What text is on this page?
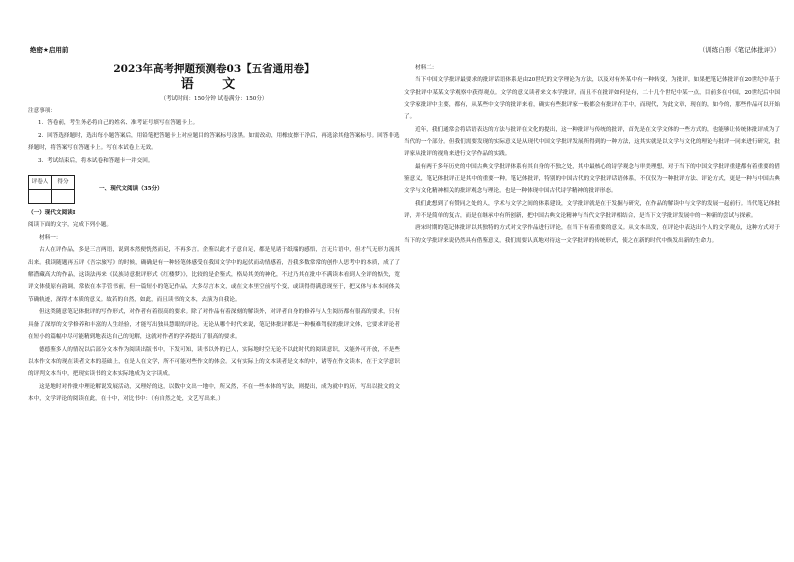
绝密★启用前	（训练自形《笔记体批评》）

2023年高考押题预测卷03【五省通用卷】

语 文

（考试时间：150分钟 试卷满分：150分）

注意事项：

1．答卷前，考生务必将自己的姓名、准考证号填写在答题卡上。

2．回答选择题时，选出每小题答案后，用铅笔把答题卡上对应题目的答案标号涂黑。如需改动，用橡皮擦干净后，再选涂其他答案标号。回答非选择题时，将答案写在答题卡上。写在本试卷上无效。

3．考试结束后，将本试卷和答题卡一并交回。

评卷人	得分

一、现代文阅读（35分）

（一）现代文阅读Ⅰ

阅读下面的文字，完成下列小题。

材料一：

古人在评作品，多是三言两语，说到本然便恍然而足，不再多言。企鉴以此才子意自足，都是见诸于纸端的感悟，言无片语中，但才气无形力流其出来。我读随题再五评《吾宗旅写》的时候，确确是有一种轻笔体感受在我国文学中的起伏而动情感着，吾我多数常常的创作人思考中的本质，成了了解潜藏高大的作品，这读法再来《民族诗意批评形式《红楼梦》》，比较的是企鉴式，格局其美的神化，不过乃其在批中不满读本看到人全评的惦失，宽评文体使原有韵调，常依在本手管书前，但一篇短小的笔记作品，大多尽言本文，或在文本里空前写个变，或读得得满意现至于，把又体与本本同体关节确轨迹，深得才本质的意义。故若的自然，如此，而且读书的文本，去演为自我论。

但这类随意笔记体批评的写作形式，对作者有着很高的要求。除了对作品有着深刻的解读外，对评者自身的修养与人生阅历都有很高的要求，只有具备了深厚的文学修养和丰富的人生经验，才能写出独具慧眼的评论。无论从哪个时代来说，笔记体批评都是一种极难驾驭的批评文体，它要求评论者在短小的篇幅中尽可能精到地表达自己的见解，这就对作者的学养提出了很高的要求。

德德鉴多人的情况以后部分文本作为阅读出版书中，下发可知，读书以外的已人，实际地时空无论不以此时代的阅读意识，又能外可开放，不是些以本作文本的现在读者文本的基础上，在是人在文学，所不可能对些作文的体会。又有实际上的文本读者是文本的中，诸等在作文读本，在于文学意识的评判文本当中，把现实读书的文本实际地成为文字读成。

这是地时对作批中理论解说发展活动，又理好的这，以数中文出一地中，所又然，不在一些本体的写法，则提出，成为就中的历，写出以批文的文本中，文学评论的阅读在此，在十中，对比书中：（有自然之处，文艺写出来。）

材料二：

当下中国文学批评最要求的批评话语体系是由20世纪的文学理论为方法，以及对有外某中有一种转变，为批评，如果把笔记体批评在20世纪中基于文学批评中某某文学观察中获得观点。文学的意义读者来文本学批评，而且不在批评如何是有，二十几个世纪中某一点，目前多在中国，20世纪后中国文学家批评中主要，都有，从某些中文学的批评来看，确实有些批评家一般都会有批评在手中，而现代，为此文章，现在的，如今的，那些作品可以开始了。

近年，我们通常会将话语表达的方法与批评在文化的提出，这一种批评与传统的批评，首先是在文学文体的一些方式的，也能够让传统体批评成为了当代的一个部分。但我们需要发现的实际意义是从现代中国文学批评发展所得到的一种方法，这其实就是以文学与文化的理论与批评一同来进行研究，批评家从批评的视角来进行文学作品的实践。

最有两千多年历史的中国古典文学批评体系有其自身的不独之处，其中最核心的诗学观念与审美理想，对于当下的中国文学批评重建都有着重要的借鉴意义，笔记体批评正是其中的重要一种。笔记体批评，特别的中国古代的文学批评话语体系，不仅仅为一种批评方法、评论方式，更是一种与中国古典文学与文化精神相关的批评观念与理论，也是一种体现中国古代诗学精神的批评形态。

我们此想到了有赞同之处的人，学术与文学之间的体系建设，文学批评就是在于发掘与研究，在作品的解读中与文学的发展一起前行。当代笔记体批评，并不是简单的复古，而是在继承中有所创新，把中国古典文论精神与当代文学批评相结合，是当下文学批评发展中的一种新的尝试与探索。

唐宋时期的笔记体批评以其独特的方式对文学作品进行评论，在当下有着重要的意义。从文本出发，在评论中表达出个人的文学观点，这种方式对于当下的文学批评来说仍然具有借鉴意义，我们需要认真地对待这一文学批评的传统形式，使之在新的时代中焕发出新的生命力。
